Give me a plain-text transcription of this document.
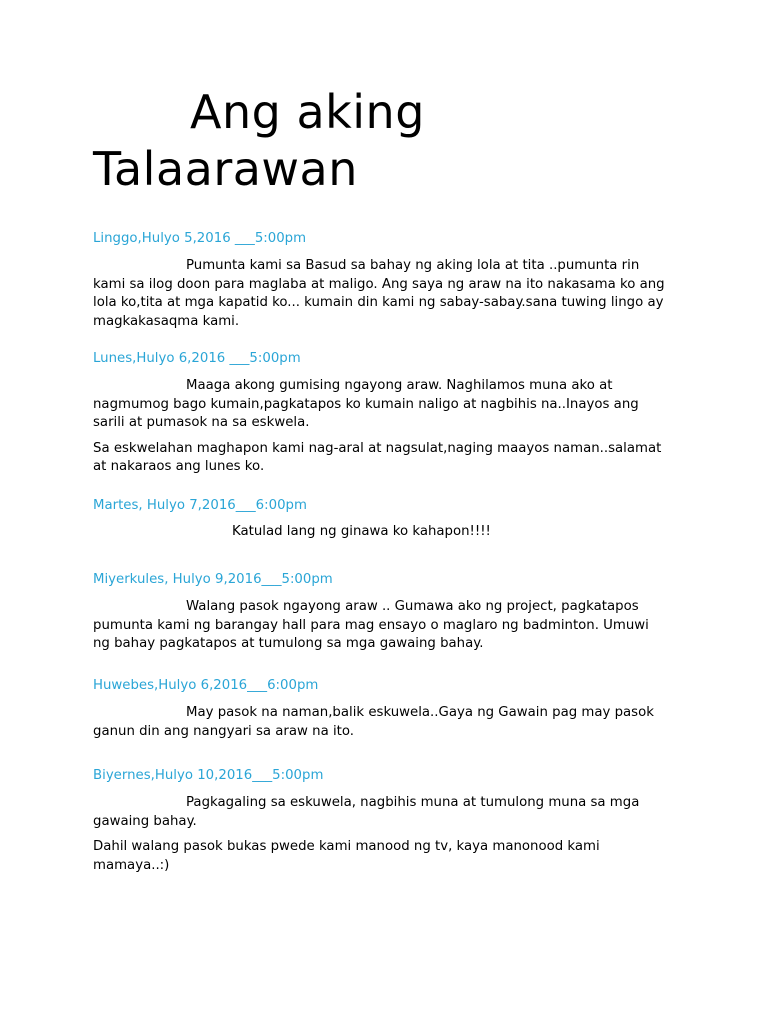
Ang aking
Talaarawan
Linggo,Hulyo 5,2016 ___5:00pm

Pumunta kami sa Basud sa bahay ng aking lola at tita ..pumunta rin kami sa ilog doon para maglaba at maligo. Ang saya ng araw na ito nakasama ko ang lola ko,tita at mga kapatid ko... kumain din kami ng sabay-sabay.sana tuwing lingo ay magkakasaqma kami.

Lunes,Hulyo 6,2016 ___5:00pm

Maaga akong gumising ngayong araw. Naghilamos muna ako at nagmumog bago kumain,pagkatapos ko kumain naligo at nagbihis na..Inayos ang sarili at pumasok na sa eskwela.

Sa eskwelahan maghapon kami nag-aral at nagsulat,naging maayos naman..salamat at nakaraos ang lunes ko.

Martes, Hulyo 7,2016___6:00pm
Katulad lang ng ginawa ko kahapon!!!!
Miyerkules, Hulyo 9,2016___5:00pm

Walang pasok ngayong araw .. Gumawa ako ng project, pagkatapos pumunta kami ng barangay hall para mag ensayo o maglaro ng badminton. Umuwi ng bahay pagkatapos at tumulong sa mga gawaing bahay.

Huwebes,Hulyo 6,2016___6:00pm

May pasok na naman,balik eskuwela..Gaya ng Gawain pag may pasok ganun din ang nangyari sa araw na ito.

Biyernes,Hulyo 10,2016___5:00pm

Pagkagaling sa eskuwela, nagbihis muna at tumulong muna sa mga gawaing bahay.

Dahil walang pasok bukas pwede kami manood ng tv, kaya manonood kami mamaya..:)
